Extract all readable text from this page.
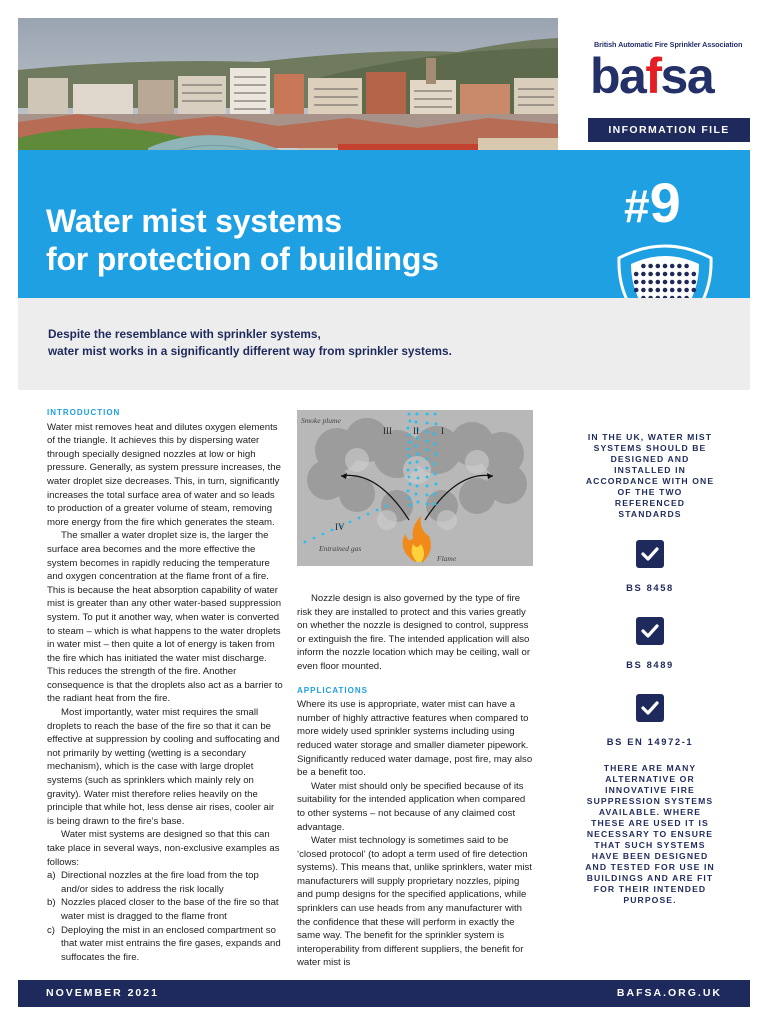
British Automatic Fire Sprinkler Association
bafsa
Water mist systems
for protection of buildings
#9
INFORMATION FILE

Despite the resemblance with sprinkler systems,
water mist works in a significantly different way from sprinkler systems.

INTRODUCTION

Water mist removes heat and dilutes oxygen elements of the triangle. It achieves this by dispersing water through specially designed nozzles at low or high pressure. Generally, as system pressure increases, the water droplet size decreases. This, in turn, significantly increases the total surface area of water and so leads to production of a greater volume of steam, removing more energy from the fire which generates the steam.

The smaller a water droplet size is, the larger the surface area becomes and the more effective the system becomes in rapidly reducing the temperature and oxygen concentration at the flame front of a fire. This is because the heat absorption capability of water mist is greater than any other water-based suppression system. To put it another way, when water is converted to steam – which is what happens to the water droplets in water mist – then quite a lot of energy is taken from the fire which has initiated the water mist discharge. This reduces the strength of the fire. Another consequence is that the droplets also act as a barrier to the radiant heat from the fire.

Most importantly, water mist requires the small droplets to reach the base of the fire so that it can be effective at suppression by cooling and suffocating and not primarily by wetting (wetting is a secondary mechanism), which is the case with large droplet systems (such as sprinklers which mainly rely on gravity). Water mist therefore relies heavily on the principle that while hot, less dense air rises, cooler air is being drawn to the fire’s base.

Water mist systems are designed so that this can take place in several ways, non-exclusive examples as follows:

a) Directional nozzles at the fire load from the top and/or sides to address the risk locally
b) Nozzles placed closer to the base of the fire so that water mist is dragged to the flame front
c) Deploying the mist in an enclosed compartment so that water mist entrains the fire gases, expands and suffocates the fire.
Smoke plume
Entrained gas
Flame
I
II
III
IV

Nozzle design is also governed by the type of fire risk they are installed to protect and this varies greatly on whether the nozzle is designed to control, suppress or extinguish the fire. The intended application will also inform the nozzle location which may be ceiling, wall or even floor mounted.

APPLICATIONS

Where its use is appropriate, water mist can have a number of highly attractive features when compared to more widely used sprinkler systems including using reduced water storage and smaller diameter pipework. Significantly reduced water damage, post fire, may also be a benefit too.

Water mist should only be specified because of its suitability for the intended application when compared to other systems – not because of any claimed cost advantage.

Water mist technology is sometimes said to be ‘closed protocol’ (to adopt a term used of fire detection systems). This means that, unlike sprinklers, water mist manufacturers will supply proprietary nozzles, piping and pump designs for the specified applications, while sprinklers can use heads from any manufacturer with the confidence that these will perform in exactly the same way. The benefit for the sprinkler system is interoperability from different suppliers, the benefit for water mist is

IN THE UK, WATER MIST SYSTEMS SHOULD BE DESIGNED AND INSTALLED IN ACCORDANCE WITH ONE OF THE TWO REFERENCED STANDARDS
BS 8458
BS 8489
BS EN 14972-1
THERE ARE MANY ALTERNATIVE OR INNOVATIVE FIRE SUPPRESSION SYSTEMS AVAILABLE. WHERE THESE ARE USED IT IS NECESSARY TO ENSURE THAT SUCH SYSTEMS HAVE BEEN DESIGNED AND TESTED FOR USE IN BUILDINGS AND ARE FIT FOR THEIR INTENDED PURPOSE.
NOVEMBER 2021	BAFSA.ORG.UK
